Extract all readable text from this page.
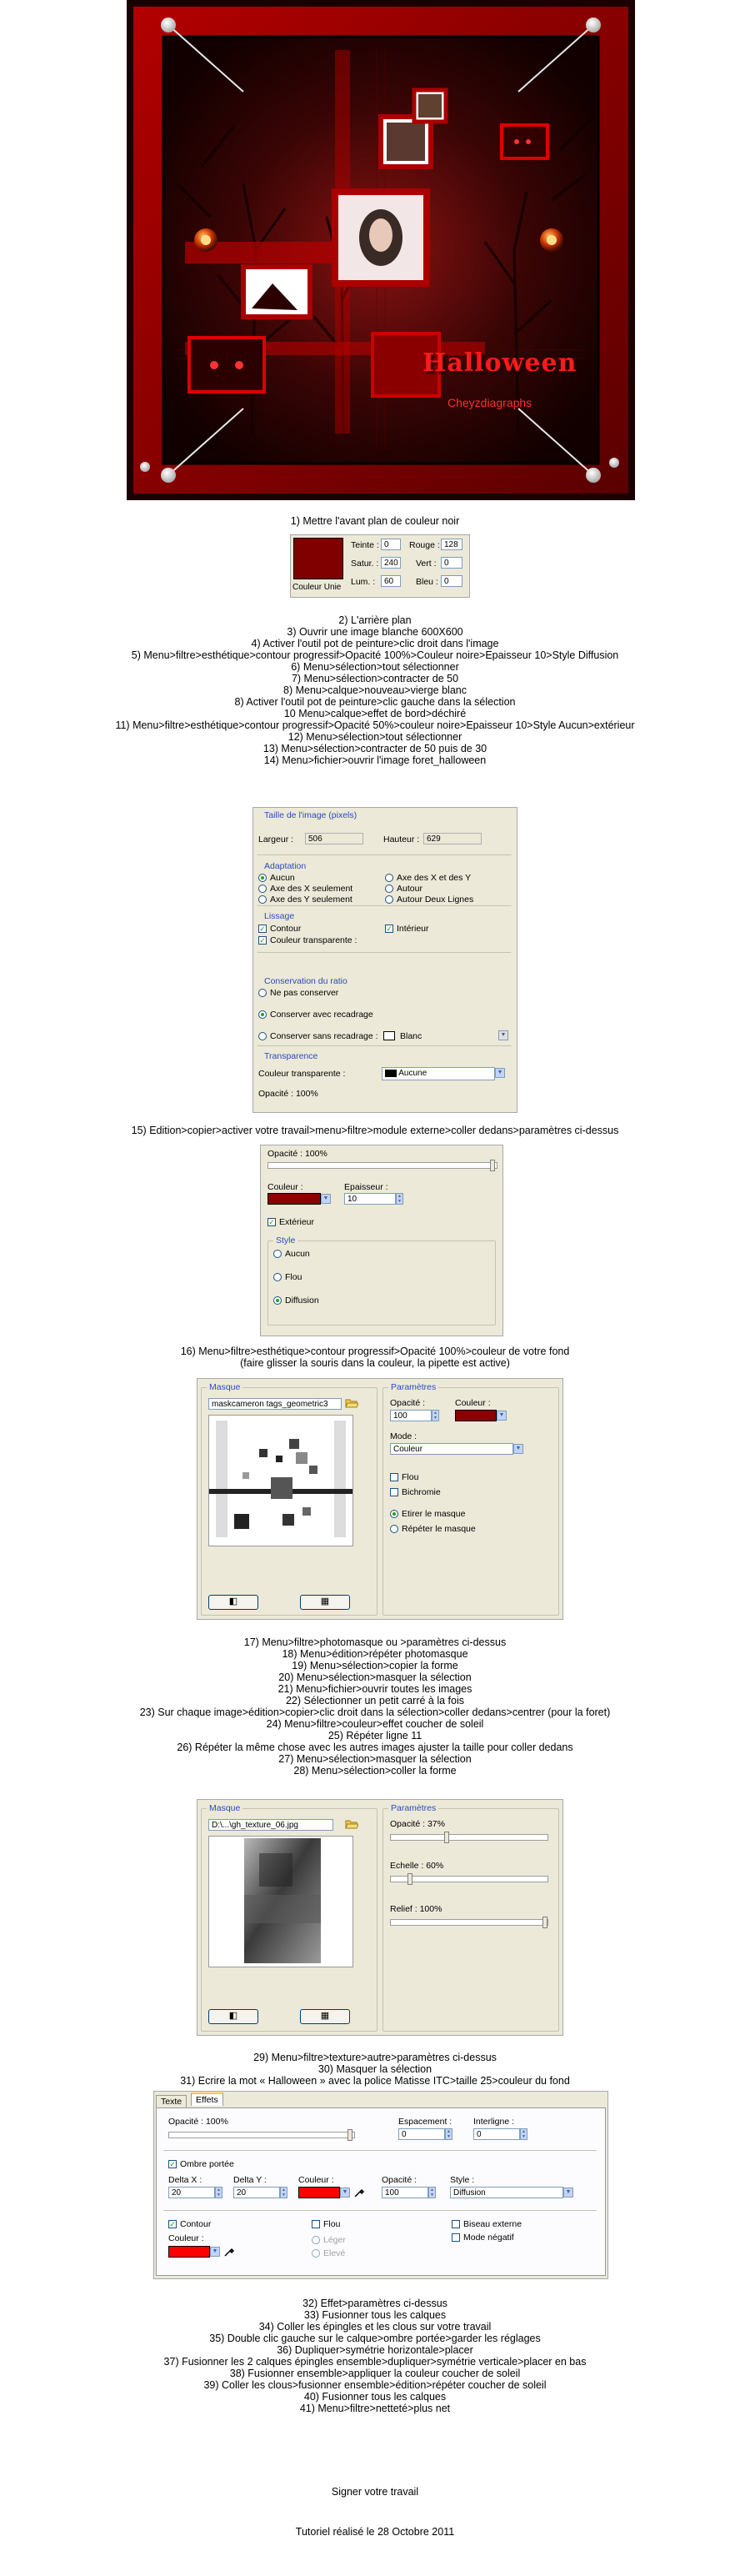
Halloween
Cheyzdiagraphs
1) Mettre l'avant plan de couleur noir
Couleur Unie
Teinte : 0
Satur. : 240
Lum. :	60
Rouge : 128
Vert : 0
Bleu : 0
2) L'arrière plan
3) Ouvrir une image blanche 600X600
4) Activer l'outil pot de peinture>clic droit dans l'image
5) Menu>filtre>esthétique>contour progressif>Opacité 100%>Couleur noire>Epaisseur 10>Style Diffusion
6) Menu>sélection>tout sélectionner
7) Menu>sélection>contracter de 50
8) Menu>calque>nouveau>vierge blanc
8) Activer l'outil pot de peinture>clic gauche dans la sélection
10 Menu>calque>effet de bord>déchiré
11) Menu>filtre>esthétique>contour progressif>Opacité 50%>couleur noire>Epaisseur 10>Style Aucun>extérieur
12) Menu>sélection>tout sélectionner
13) Menu>sélection>contracter de 50 puis de 30
14) Menu>fichier>ouvrir l'image foret_halloween
Taille de l'image (pixels)
Largeur :	506	Hauteur : 629
Adaptation
Aucun
Axe des X seulement
Axe des Y seulement
Axe des X et des Y
Autour
Autour Deux Lignes
Lissage
✓ Contour	✓ Intérieur
✓ Couleur transparente :
Conservation du ratio
Ne pas conserver
Conserver avec recadrage
Conserver sans recadrage :	Blanc	▼
Transparence
Couleur transparente :	Aucune	▼
Opacité : 100%
15) Edition>copier>activer votre travail>menu>filtre>module externe>coller dedans>paramètres ci-dessus
Opacité : 100%
Couleur :
▼
Epaisseur :
10	▲
▼
✓ Extérieur
Style
Aucun
Flou
Diffusion
16) Menu>filtre>esthétique>contour progressif>Opacité 100%>couleur de votre fond
(faire glisser la souris dans la couleur, la pipette est active)
Masque
maskcameron tags_geometric3
◧	▦
Paramètres
Opacité :
100	▲
▼
Couleur :
▼
Mode :
Couleur	▼
Flou
Bichromie
Etirer le masque
Répéter le masque
17) Menu>filtre>photomasque ou >paramètres ci-dessus
18) Menu>édition>répéter photomasque
19) Menu>sélection>copier la forme
20) Menu>sélection>masquer la sélection
21) Menu>fichier>ouvrir toutes les images
22) Sélectionner un petit carré à la fois
23) Sur chaque image>édition>copier>clic droit dans la sélection>coller dedans>centrer (pour la foret)
24) Menu>filtre>couleur>effet coucher de soleil
25) Répéter ligne 11
26) Répéter la même chose avec les autres images ajuster la taille pour coller dedans
27) Menu>sélection>masquer la sélection
28) Menu>sélection>coller la forme
Masque
D:\...\gh_texture_06.jpg
◧	▦
Paramètres
Opacité : 37%
Echelle : 60%
Relief : 100%
29) Menu>filtre>texture>autre>paramètres ci-dessus
30) Masquer la sélection
31) Ecrire la mot « Halloween » avec la police Matisse ITC>taille 25>couleur du fond
Texte	Effets
Opacité : 100%	Espacement :
0	▲
▼
Interligne :
0	▲
▼
✓ Ombre portée
Delta X :
20	▲
▼
Delta Y :
20	▲
▼
Couleur :
▼
Opacité :
100	▲
▼
Style :
Diffusion	▼
✓ Contour	Flou	Biseau externe
Mode négatif
Couleur :
▼
Léger
Elevé
32) Effet>paramètres ci-dessus
33) Fusionner tous les calques
34) Coller les épingles et les clous sur votre travail
35) Double clic gauche sur le calque>ombre portée>garder les réglages
36) Dupliquer>symétrie horizontale>placer
37) Fusionner les 2 calques épingles ensemble>dupliquer>symétrie verticale>placer en bas
38) Fusionner ensemble>appliquer la couleur coucher de soleil
39) Coller les clous>fusionner ensemble>édition>répéter coucher de soleil
40) Fusionner tous les calques
41) Menu>filtre>netteté>plus net
Signer votre travail
Tutoriel réalisé le 28 Octobre 2011
